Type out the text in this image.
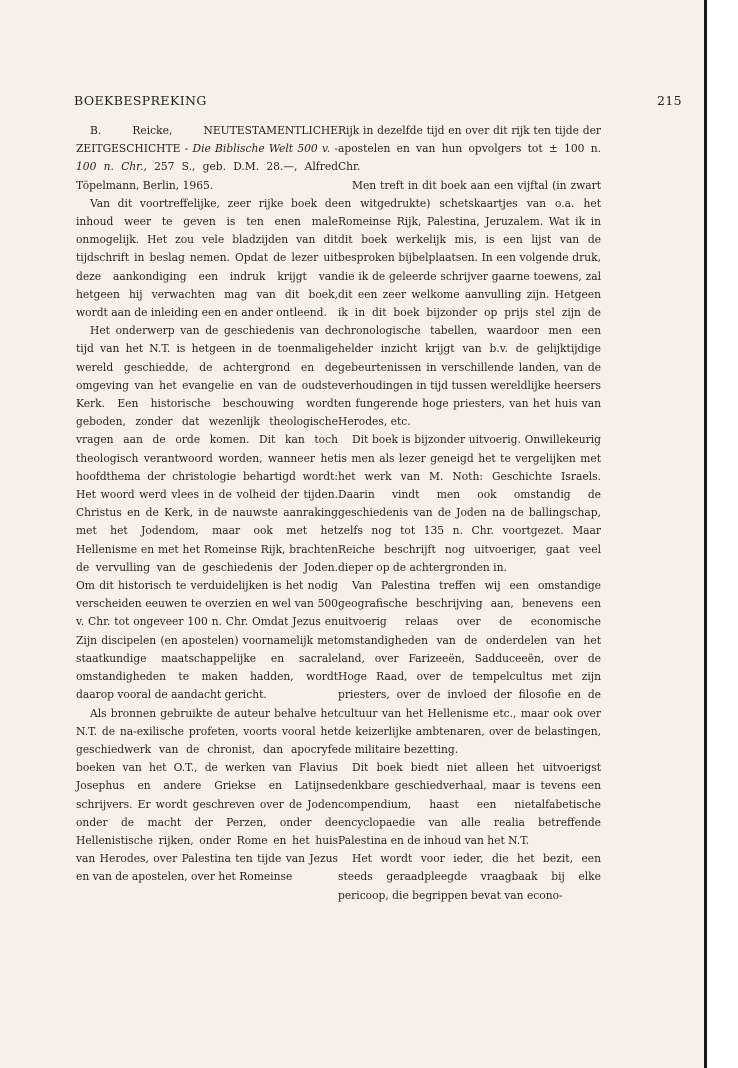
BOEKBESPREKING	215

B. Reicke, NEUTESTAMENTLICHE ZEITGESCHICHTE - Die Biblische Welt 500 v. - 100 n. Chr., 257 S., geb. D.M. 28.—, Alfred Töpelmann, Berlin, 1965.

Van dit voortreffelijke, zeer rijke boek de inhoud weer te geven is ten enen male onmogelijk. Het zou vele bladzijden van dit tijdschrift in beslag nemen. Opdat de lezer uit deze aankondiging een indruk krijgt van hetgeen hij verwachten mag van dit boek, wordt aan de inleiding een en ander ontleend.

Het onderwerp van de geschiedenis van de tijd van het N.T. is hetgeen in de toenmalige wereld geschiedde, de achtergrond en de omgeving van het evangelie en van de oudste Kerk. Een historische beschouwing wordt geboden, zonder dat wezenlijk theologische vragen aan de orde komen. Dit kan toch theologisch verantwoord worden, wanneer het hoofdthema der christologie behartigd wordt: Het woord werd vlees in de volheid der tijden. Christus en de Kerk, in de nauwste aanraking met het Jodendom, maar ook met het Hellenisme en met het Romeinse Rijk, brachten de vervulling van de geschiedenis der Joden. Om dit historisch te verduidelijken is het nodig verscheiden eeuwen te overzien en wel van 500 v. Chr. tot ongeveer 100 n. Chr. Omdat Jezus en Zijn discipelen (en apostelen) voornamelijk met staatkundige maatschappelijke en sacrale omstandigheden te maken hadden, wordt daarop vooral de aandacht gericht.

Als bronnen gebruikte de auteur behalve het N.T. de na-exilische profeten, voorts vooral het geschiedwerk van de chronist, dan apocryfe boeken van het O.T., de werken van Flavius Josephus en andere Griekse en Latijnse schrijvers. Er wordt geschreven over de Joden onder de macht der Perzen, onder de Hellenistische rijken, onder Rome en het huis van Herodes, over Palestina ten tijde van Jezus en van de apostelen, over het Romeinse

Rijk in dezelfde tijd en over dit rijk ten tijde der apostelen en van hun opvolgers tot ± 100 n. Chr.

Men treft in dit boek aan een vijftal (in zwart en witgedrukte) schetskaartjes van o.a. het Romeinse Rijk, Palestina, Jeruzalem. Wat ik in dit boek werkelijk mis, is een lijst van de besproken bijbelplaatsen. In een volgende druk, die ik de geleerde schrijver gaarne toewens, zal dit een zeer welkome aanvulling zijn. Hetgeen ik in dit boek bijzonder op prijs stel zijn de chronologische tabellen, waardoor men een helder inzicht krijgt van b.v. de gelijktijdige gebeurtenissen in verschillende landen, van de verhoudingen in tijd tussen wereldlijke heersers en fungerende hoge priesters, van het huis van Herodes, etc.

Dit boek is bijzonder uitvoerig. Onwillekeurig is men als lezer geneigd het te vergelijken met het werk van M. Noth: Geschichte Israels. Daarin vindt men ook omstandig de geschiedenis van de Joden na de ballingschap, zelfs nog tot 135 n. Chr. voortgezet. Maar Reiche beschrijft nog uitvoeriger, gaat veel dieper op de achtergronden in.

Van Palestina treffen wij een omstandige geografische beschrijving aan, benevens een uitvoerig relaas over de economische omstandigheden van de onderdelen van het land, over Farizeeën, Sadduceeën, over de Hoge Raad, over de tempelcultus met zijn priesters, over de invloed der filosofie en de cultuur van het Hellenisme etc., maar ook over de keizerlijke ambtenaren, over de belastingen, de militaire bezetting.

Dit boek biedt niet alleen het uitvoerigst denkbare geschiedverhaal, maar is tevens een compendium, haast een nietalfabetische encyclopaedie van alle realia betreffende Palestina en de inhoud van het N.T.

Het wordt voor ieder, die het bezit, een steeds geraadpleegde vraagbaak bij elke pericoop, die begrippen bevat van econo-
